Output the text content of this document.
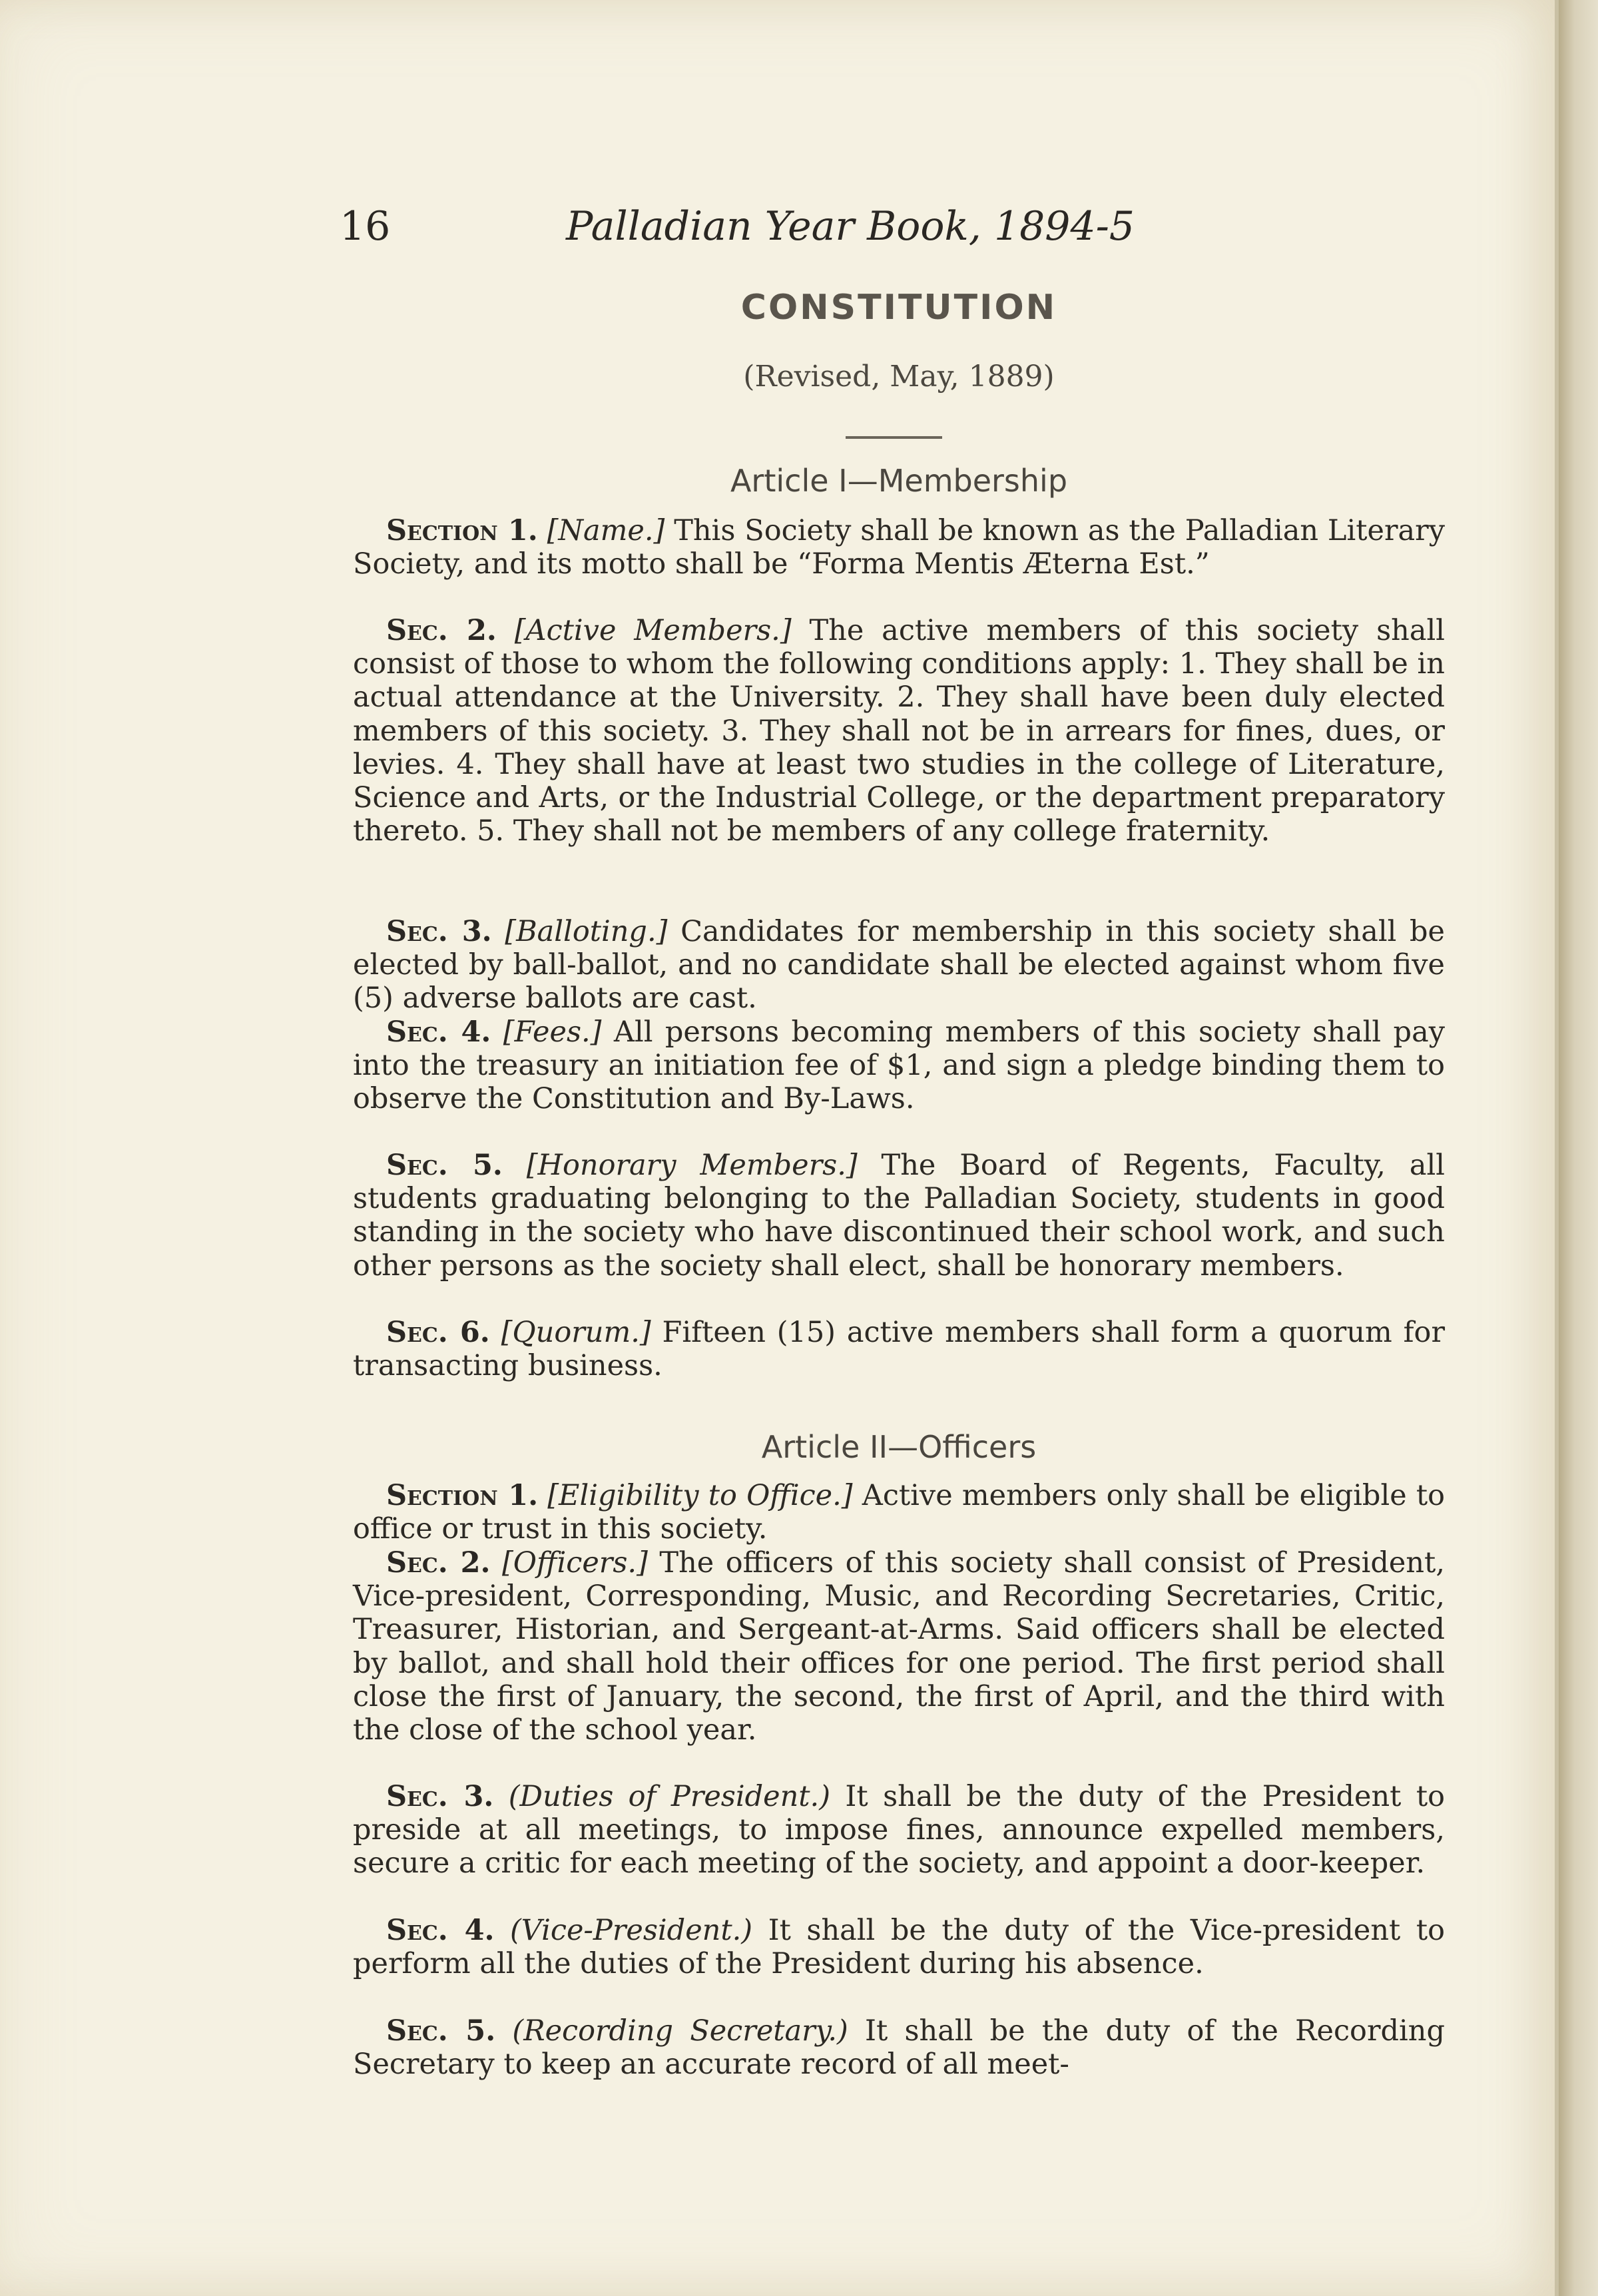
16	Palladian Year Book, 1894-5
CONSTITUTION
(Revised, May, 1889)
Article I—Membership

Section 1. [Name.] This Society shall be known as the Palladian Literary Society, and its motto shall be “Forma Mentis Æterna Est.”

Sec. 2. [Active Members.] The active members of this society shall consist of those to whom the following conditions apply: 1. They shall be in actual attendance at the University. 2. They shall have been duly elected members of this society. 3. They shall not be in arrears for fines, dues, or levies. 4. They shall have at least two studies in the college of Literature, Science and Arts, or the Industrial College, or the department preparatory thereto. 5. They shall not be members of any college fraternity.

Sec. 3. [Balloting.] Candidates for membership in this society shall be elected by ball-ballot, and no candidate shall be elected against whom five (5) adverse ballots are cast.

Sec. 4. [Fees.] All persons becoming members of this society shall pay into the treasury an initiation fee of $1, and sign a pledge binding them to observe the Constitution and By-Laws.

Sec. 5. [Honorary Members.] The Board of Regents, Faculty, all students graduating belonging to the Palladian Society, students in good standing in the society who have discontinued their school work, and such other persons as the society shall elect, shall be honorary members.

Sec. 6. [Quorum.] Fifteen (15) active members shall form a quorum for transacting business.

Article II—Officers

Section 1. [Eligibility to Office.] Active members only shall be eligible to office or trust in this society.

Sec. 2. [Officers.] The officers of this society shall consist of President, Vice-president, Corresponding, Music, and Recording Secretaries, Critic, Treasurer, Historian, and Sergeant-at-Arms. Said officers shall be elected by ballot, and shall hold their offices for one period. The first period shall close the first of January, the second, the first of April, and the third with the close of the school year.

Sec. 3. (Duties of President.) It shall be the duty of the President to preside at all meetings, to impose fines, announce expelled members, secure a critic for each meeting of the society, and appoint a door-keeper.

Sec. 4. (Vice-President.) It shall be the duty of the Vice-president to perform all the duties of the President during his absence.

Sec. 5. (Recording Secretary.) It shall be the duty of the Recording Secretary to keep an accurate record of all meet-
